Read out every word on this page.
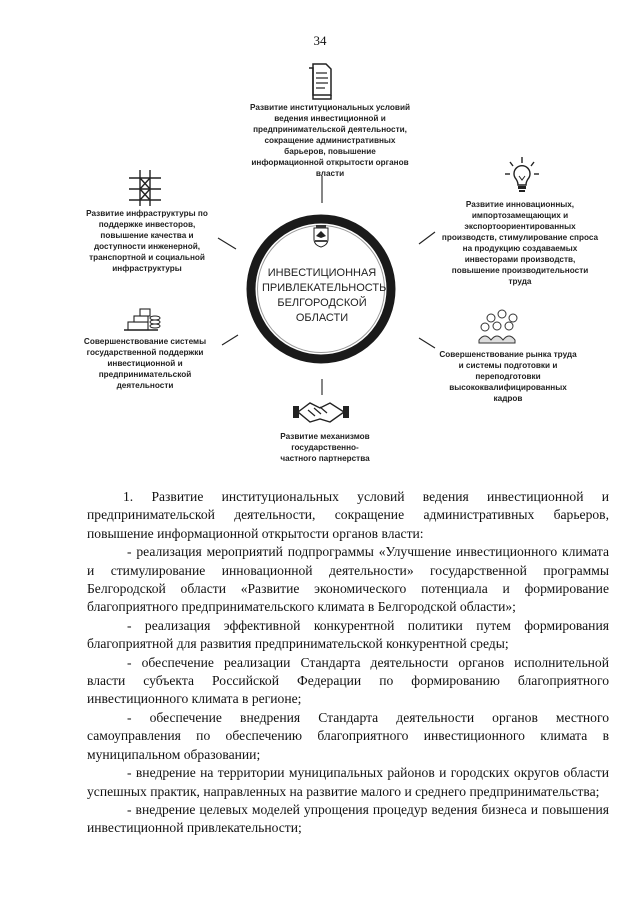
34
ИНВЕСТИЦИОННАЯ ПРИВЛЕКАТЕЛЬНОСТЬ БЕЛГОРОДСКОЙ ОБЛАСТИ
Развитие институциональных условий ведения инвестиционной и предпринимательской деятельности, сокращение административных барьеров, повышение информационной открытости органов власти
Развитие инновационных, импортозамещающих и экспортоориентированных производств, стимулирование спроса на продукцию создаваемых инвесторами производств, повышение производительности труда
Совершенствование рынка труда и системы подготовки и переподготовки высококвалифицированных кадров
Развитие механизмов государственно-частного партнерства
Совершенствование системы государственной поддержки инвестиционной и предпринимательской деятельности
Развитие инфраструктуры по поддержке инвесторов, повышение качества и доступности инженерной, транспортной и социальной инфраструктуры

1. Развитие институциональных условий ведения инвестиционной и предпринимательской деятельности, сокращение административных барьеров, повышение информационной открытости органов власти:

- реализация мероприятий подпрограммы «Улучшение инвестиционного климата и стимулирование инновационной деятельности» государственной программы Белгородской области «Развитие экономического потенциала и формирование благоприятного предпринимательского климата в Белгородской области»;

- реализация эффективной конкурентной политики путем формирования благоприятной для развития предпринимательской конкурентной среды;

- обеспечение реализации Стандарта деятельности органов исполнительной власти субъекта Российской Федерации по формированию благоприятного инвестиционного климата в регионе;

- обеспечение внедрения Стандарта деятельности органов местного самоуправления по обеспечению благоприятного инвестиционного климата в муниципальном образовании;

- внедрение на территории муниципальных районов и городских округов области успешных практик, направленных на развитие малого и среднего предпринимательства;

- внедрение целевых моделей упрощения процедур ведения бизнеса и повышения инвестиционной привлекательности;
